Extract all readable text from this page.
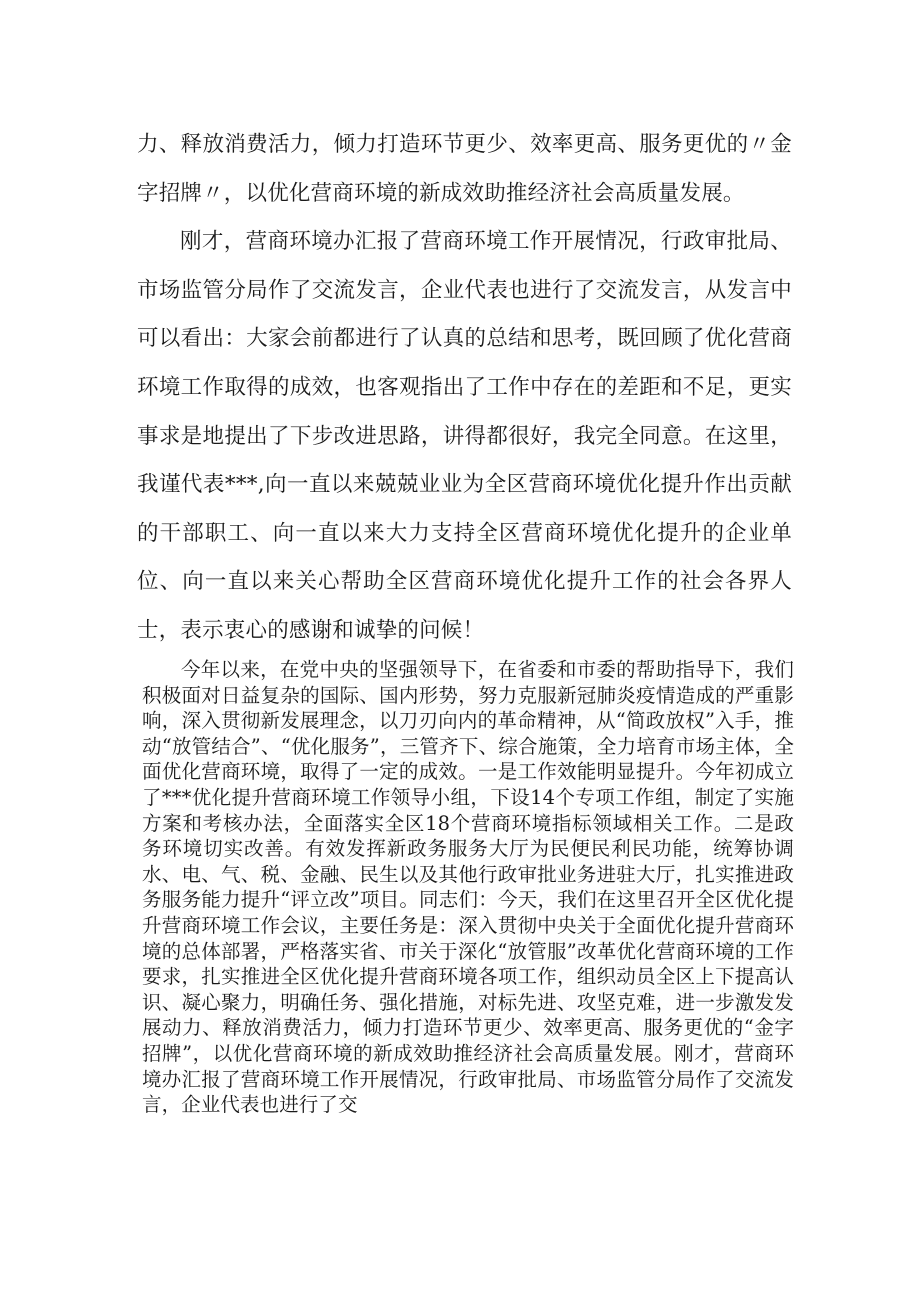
力、释放消费活力，倾力打造环节更少、效率更高、服务更优的〃金字招牌〃，以优化营商环境的新成效助推经济社会高质量发展。

刚才，营商环境办汇报了营商环境工作开展情况，行政审批局、市场监管分局作了交流发言，企业代表也进行了交流发言，从发言中可以看出：大家会前都进行了认真的总结和思考，既回顾了优化营商环境工作取得的成效，也客观指出了工作中存在的差距和不足，更实事求是地提出了下步改进思路，讲得都很好，我完全同意。在这里，我谨代表***,向一直以来兢兢业业为全区营商环境优化提升作出贡献的干部职工、向一直以来大力支持全区营商环境优化提升的企业单位、向一直以来关心帮助全区营商环境优化提升工作的社会各界人士，表示衷心的感谢和诚挚的问候！

今年以来，在党中央的坚强领导下，在省委和市委的帮助指导下，我们积极面对日益复杂的国际、国内形势，努力克服新冠肺炎疫情造成的严重影响，深入贯彻新发展理念，以刀刃向内的革命精神，从“简政放权”入手，推动“放管结合”、“优化服务”，三管齐下、综合施策，全力培育市场主体，全面优化营商环境，取得了一定的成效。一是工作效能明显提升。今年初成立了***优化提升营商环境工作领导小组，下设14个专项工作组，制定了实施方案和考核办法，全面落实全区18个营商环境指标领域相关工作。二是政务环境切实改善。有效发挥新政务服务大厅为民便民利民功能，统筹协调水、电、气、税、金融、民生以及其他行政审批业务进驻大厅，扎实推进政务服务能力提升“评立改”项目。同志们：今天，我们在这里召开全区优化提升营商环境工作会议，主要任务是：深入贯彻中央关于全面优化提升营商环境的总体部署，严格落实省、市关于深化“放管服”改革优化营商环境的工作要求，扎实推进全区优化提升营商环境各项工作，组织动员全区上下提高认识、凝心聚力，明确任务、强化措施，对标先进、攻坚克难，进一步激发发展动力、释放消费活力，倾力打造环节更少、效率更高、服务更优的“金字招牌”，以优化营商环境的新成效助推经济社会高质量发展。刚才，营商环境办汇报了营商环境工作开展情况，行政审批局、市场监管分局作了交流发言，企业代表也进行了交
